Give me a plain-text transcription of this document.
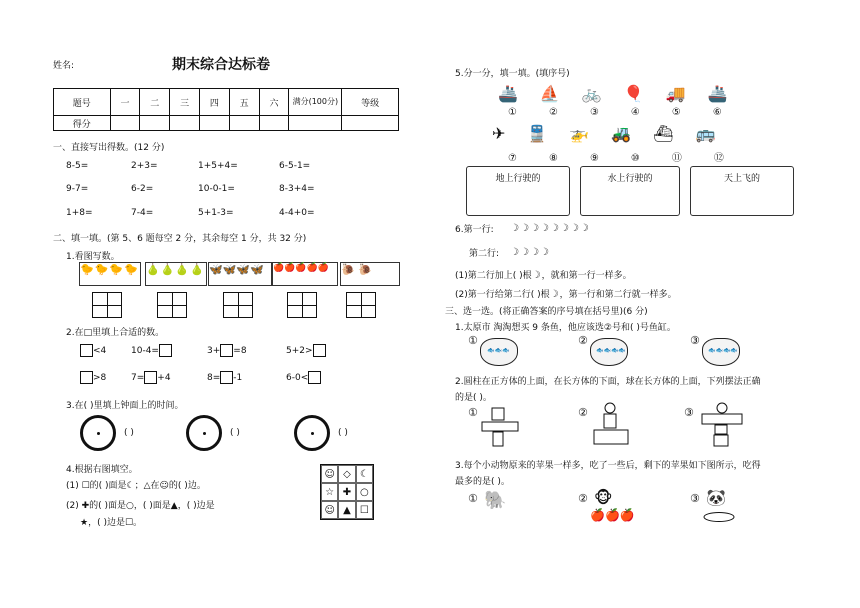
姓名:	期末综合达标卷
题号	一	二	三	四	五	六	满分(100分)	等级
得分								
一、直接写出得数。(12 分)
8-5=	2+3=	1+5+4=	6-5-1=
9-7=	6-2=	10-0-1=	8-3+4=
1+8=	7-4=	5+1-3=	4-4+0=
二、填一填。(第 5、6 题每空 2 分，其余每空 1 分，共 32 分)
1.看图写数。
🐤🐤🐤🐤 🍐🍐🍐🍐 🦋🦋🦋🦋	🍎🍎🍎🍎🍎	🐌 🐌
2.在□里填上合适的数。
<4	10-4=	3+ =8	5+2>
>8	7= +4	8= -1	6-0<
3.在( )里填上钟面上的时间。
( )	( )	( )
4.根据右图填空。
(1) ☐的( )面是☾；△在☺的( )边。
(2) ✚的( )面是○，( )面是▲，( )边是
★，( )边是☐。
☺ ◇ ☾
☆ ✚ ○
☺ ▲ ☐
5.分一分，填一填。(填序号)
🚢 ⛵ 🚲 🎈 🚚 🚢
①	②	③	④	⑤	⑥
✈ 🚆 🚁 🚜 ⛴ 🚌
⑦	⑧	⑨	⑩	⑪	⑫
地上行驶的	水上行驶的	天上飞的
6.第一行: ☽☽☽☽☽☽☽☽
第二行: ☽☽☽☽
(1)第二行加上( )根☽，就和第一行一样多。
(2)第一行给第二行( )根☽，第一行和第二行就一样多。
三、选一选。(将正确答案的序号填在括号里)(6 分)
1.太原市 淘淘想买 9 条鱼，他应该选②号和( )号鱼缸。
①
🐟🐟🐟
②
🐟🐟🐟🐟
③
🐟🐟🐟🐟
2.圆柱在正方体的上面，在长方体的下面，球在长方体的上面，下列摆法正确
的是( )。
①	②	③
3.每个小动物原来的苹果一样多，吃了一些后，剩下的苹果如下图所示，吃得
最多的是( )。
① 🐘	② 🐵
🍎🍎🍎
③ 🐼
